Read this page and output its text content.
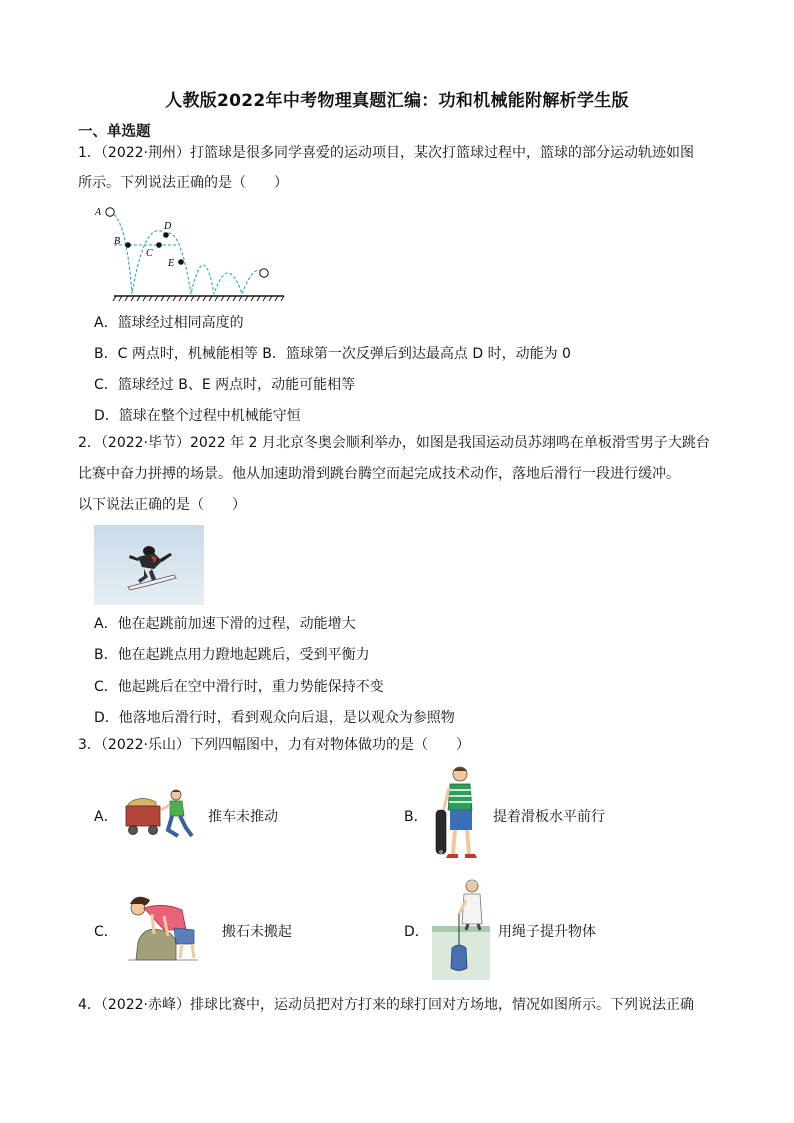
人教版2022年中考物理真题汇编：功和机械能附解析学生版
一、单选题
1．（2022·荆州）打篮球是很多同学喜爱的运动项目，某次打篮球过程中，篮球的部分运动轨迹如图
所示。下列说法正确的是（　　）
A
B
C
D
E
A．篮球经过相同高度的
B．C 两点时，机械能相等 B．篮球第一次反弹后到达最高点 D 时，动能为 0
C．篮球经过 B、E 两点时，动能可能相等
D．篮球在整个过程中机械能守恒
2．（2022·毕节）2022 年 2 月北京冬奥会顺利举办，如图是我国运动员苏翊鸣在单板滑雪男子大跳台
比赛中奋力拼搏的场景。他从加速助滑到跳台腾空而起完成技术动作，落地后滑行一段进行缓冲。
以下说法正确的是（　　）
A．他在起跳前加速下滑的过程，动能增大
B．他在起跳点用力蹬地起跳后，受到平衡力
C．他起跳后在空中滑行时，重力势能保持不变
D．他落地后滑行时，看到观众向后退，是以观众为参照物
3．（2022·乐山）下列四幅图中，力有对物体做功的是（　　）
A．	推车未推动	B．	提着滑板水平前行
C．	搬石未搬起	D．	用绳子提升物体
4．（2022·赤峰）排球比赛中，运动员把对方打来的球打回对方场地，情况如图所示。下列说法正确
